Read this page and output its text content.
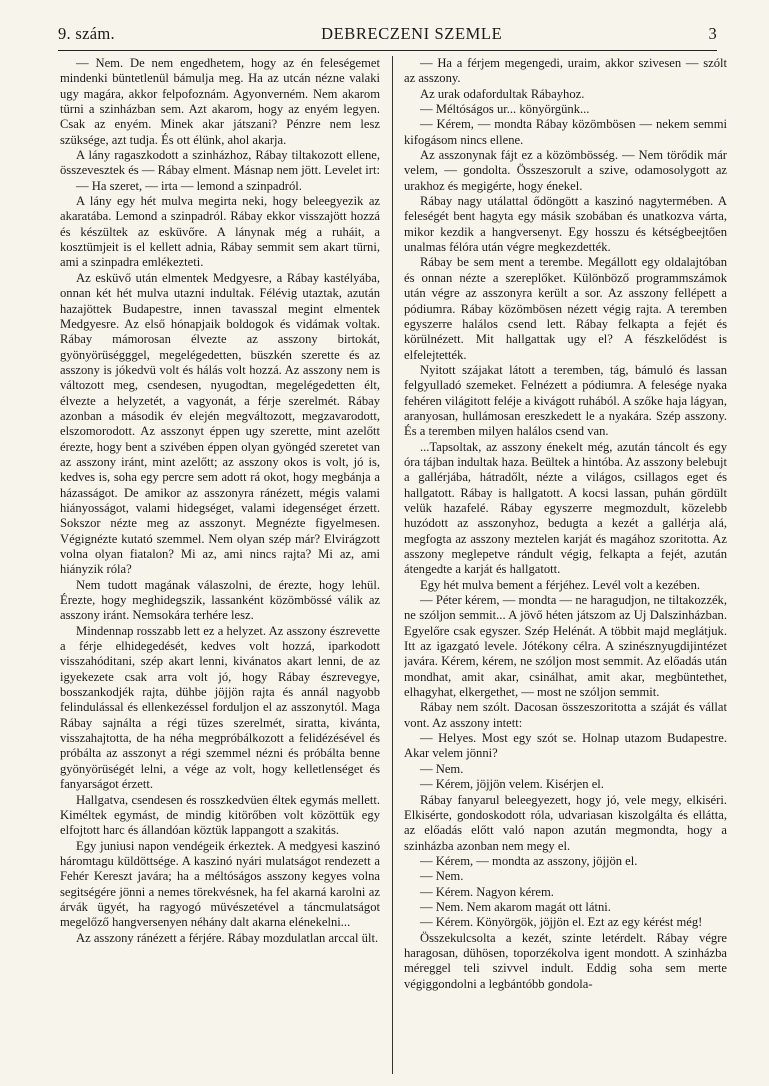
9. szám.	DEBRECZENI SZEMLE	3

— Nem. De nem engedhetem, hogy az én feleségemet mindenki büntetlenül bámulja meg. Ha az utcán nézne valaki ugy magára, akkor felpofoznám. Agyonverném. Nem akarom türni a szinházban sem. Azt akarom, hogy az enyém legyen. Csak az enyém. Minek akar játszani? Pénzre nem lesz szüksége, azt tudja. És ott élünk, ahol akarja.

A lány ragaszkodott a szinházhoz, Rábay tiltakozott ellene, összevesztek és — Rábay elment. Másnap nem jött. Levelet irt:

— Ha szeret, — irta — lemond a szinpadról.

A lány egy hét mulva megirta neki, hogy beleegyezik az akaratába. Lemond a szinpadról. Rábay ekkor visszajött hozzá és készültek az esküvőre. A lánynak még a ruháit, a kosztümjeit is el kellett adnia, Rábay semmit sem akart türni, ami a szinpadra emlékezteti.

Az esküvő után elmentek Medgyesre, a Rábay kastélyába, onnan két hét mulva utazni indultak. Félévig utaztak, azután hazajöttek Budapestre, innen tavasszal megint elmentek Medgyesre. Az első hónapjaik boldogok és vidámak voltak. Rábay mámorosan élvezte az asszony birtokát, gyönyörüségggel, megelégedetten, büszkén szerette és az asszony is jókedvü volt és hálás volt hozzá. Az asszony nem is változott meg, csendesen, nyugodtan, megelégedetten élt, élvezte a helyzetét, a vagyonát, a férje szerelmét. Rábay azonban a második év elején megváltozott, megzavarodott, elszomorodott. Az asszonyt éppen ugy szerette, mint azelőtt érezte, hogy bent a szivében éppen olyan gyöngéd szeretet van az asszony iránt, mint azelőtt; az asszony okos is volt, jó is, kedves is, soha egy percre sem adott rá okot, hogy megbánja a házasságot. De amikor az asszonyra ránézett, mégis valami hiányosságot, valami hidegséget, valami idegenséget érzett. Sokszor nézte meg az asszonyt. Megnézte figyelmesen. Végignézte kutató szemmel. Nem olyan szép már? Elvirágzott volna olyan fiatalon? Mi az, ami nincs rajta? Mi az, ami hiányzik róla?

Nem tudott magának válaszolni, de érezte, hogy lehül. Érezte, hogy meghidegszik, lassanként közömbössé válik az asszony iránt. Nemsokára terhére lesz.

Mindennap rosszabb lett ez a helyzet. Az asszony észrevette a férje elhidegedését, kedves volt hozzá, iparkodott visszahóditani, szép akart lenni, kivánatos akart lenni, de az igyekezete csak arra volt jó, hogy Rábay észrevegye, bosszankodjék rajta, dühbe jöjjön rajta és annál nagyobb felindulással és ellenkezéssel forduljon el az asszonytól. Maga Rábay sajnálta a régi tüzes szerelmét, siratta, kivánta, visszahajtotta, de ha néha megpróbálkozott a felidézésével és próbálta az asszonyt a régi szemmel nézni és próbálta benne gyönyörüségét lelni, a vége az volt, hogy kelletlenséget és fanyarságot érzett.

Hallgatva, csendesen és rosszkedvüen éltek egymás mellett. Kiméltek egymást, de mindig kitörőben volt közöttük egy elfojtott harc és állandóan köztük lappangott a szakitás.

Egy juniusi napon vendégeik érkeztek. A medgyesi kaszinó háromtagu küldöttsége. A kaszinó nyári mulatságot rendezett a Fehér Kereszt javára; ha a méltóságos asszony kegyes volna segitségére jönni a nemes törekvésnek, ha fel akarná karolni az árvák ügyét, ha ragyogó müvészetével a táncmulatságot megelőző hangversenyen néhány dalt akarna elénekelni...

Az asszony ránézett a férjére. Rábay mozdulatlan arccal ült.

— Ha a férjem megengedi, uraim, akkor szivesen — szólt az asszony.

Az urak odafordultak Rábayhoz.

— Méltóságos ur... könyörgünk...

— Kérem, — mondta Rábay közömbösen — nekem semmi kifogásom nincs ellene.

Az asszonynak fájt ez a közömbösség. — Nem törődik már velem, — gondolta. Összeszorult a szive, odamosolygott az urakhoz és megigérte, hogy énekel.

Rábay nagy utálattal ődöngött a kaszinó nagytermében. A feleségét bent hagyta egy másik szobában és unatkozva várta, mikor kezdik a hangversenyt. Egy hosszu és kétségbeejtően unalmas félóra után végre megkezdették.

Rábay be sem ment a terembe. Megállott egy oldalajtóban és onnan nézte a szereplőket. Különböző programmszámok után végre az asszonyra került a sor. Az asszony fellépett a pódiumra. Rábay közömbösen nézett végig rajta. A teremben egyszerre halálos csend lett. Rábay felkapta a fejét és körülnézett. Mit hallgattak ugy el? A fészkelődést is elfelejtették.

Nyitott szájakat látott a teremben, tág, bámuló és lassan felgyulladó szemeket. Felnézett a pódiumra. A felesége nyaka fehéren világitott feléje a kivágott ruhából. A szőke haja lágyan, aranyosan, hullámosan ereszkedett le a nyakára. Szép asszony. És a teremben milyen halálos csend van.

...Tapsoltak, az asszony énekelt még, azután táncolt és egy óra tájban indultak haza. Beültek a hintóba. Az asszony belebujt a gallérjába, hátradőlt, nézte a világos, csillagos eget és hallgatott. Rábay is hallgatott. A kocsi lassan, puhán gördült velük hazafelé. Rábay egyszerre megmozdult, közelebb huzódott az asszonyhoz, bedugta a kezét a gallérja alá, megfogta az asszony meztelen karját és magához szoritotta. Az asszony meglepetve rándult végig, felkapta a fejét, azután átengedte a karját és hallgatott.

Egy hét mulva bement a férjéhez. Levél volt a kezében.

— Péter kérem, — mondta — ne haragudjon, ne tiltakozzék, ne szóljon semmit... A jövő héten játszom az Uj Dalszinházban. Egyelőre csak egyszer. Szép Helénát. A többit majd meglátjuk. Itt az igazgató levele. Jótékony célra. A szinésznyugdijintézet javára. Kérem, kérem, ne szóljon most semmit. Az előadás után mondhat, amit akar, csinálhat, amit akar, megbüntethet, elhagyhat, elkergethet, — most ne szóljon semmit.

Rábay nem szólt. Dacosan összeszoritotta a száját és vállat vont. Az asszony intett:

— Helyes. Most egy szót se. Holnap utazom Budapestre. Akar velem jönni?

— Nem.

— Kérem, jöjjön velem. Kisérjen el.

Rábay fanyarul beleegyezett, hogy jó, vele megy, elkiséri. Elkisérte, gondoskodott róla, udvariasan kiszolgálta és ellátta, az előadás előtt való napon azután megmondta, hogy a szinházba azonban nem megy el.

— Kérem, — mondta az asszony, jöjjön el.

— Nem.

— Kérem. Nagyon kérem.

— Nem. Nem akarom magát ott látni.

— Kérem. Könyörgök, jöjjön el. Ezt az egy kérést még!

Összekulcsolta a kezét, szinte letérdelt. Rábay végre haragosan, dühösen, toporzékolva igent mondott. A szinházba méreggel teli szivvel indult. Eddig soha sem merte végiggondolni a legbántóbb gondola-
